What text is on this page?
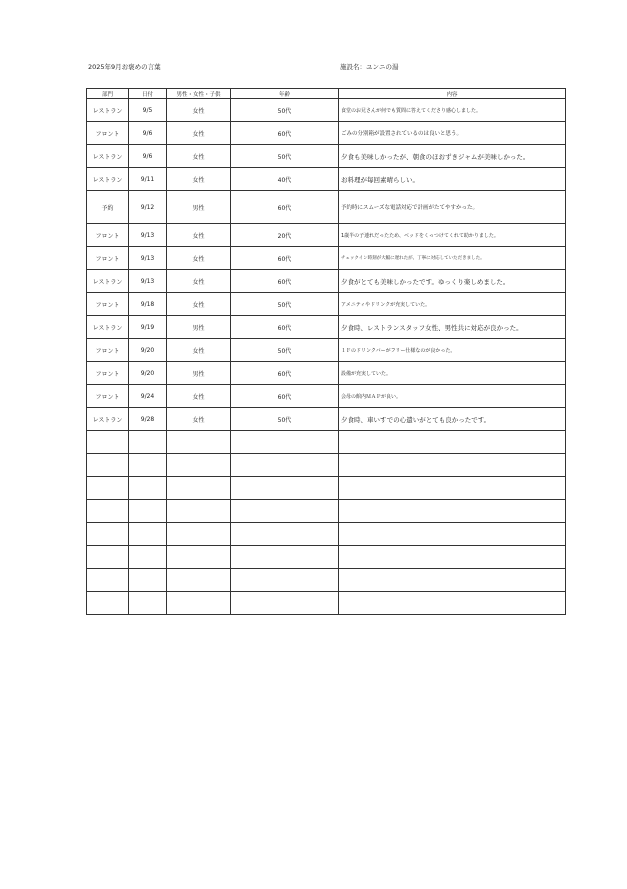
2025年9月お褒めの言葉	施設名：ユンニの湯
部門	日付	男性・女性・子供	年齢	内容
レストラン	9/5	女性	50代	食堂のお兄さんが何でも質問に答えてくださり感心しました。
フロント	9/6	女性	60代	ごみの分別箱が設置されているのは良いと思う。
レストラン	9/6	女性	50代	夕食も美味しかったが、朝食のほおずきジャムが美味しかった。
レストラン	9/11	女性	40代	お料理が毎回素晴らしい。
予約	9/12	男性	60代	予約時にスムーズな電話対応で計画がたてやすかった。
フロント	9/13	女性	20代	1歳半の子連れだったため、ベッドをくっつけてくれて助かりました。
フロント	9/13	女性	60代	チェックイン時刻が大幅に遅れたが、丁寧に対応していただきました。
レストラン	9/13	女性	60代	夕食がとても美味しかったです。ゆっくり楽しめました。
フロント	9/18	女性	50代	アメニティやドリンクが充実していた。
レストラン	9/19	男性	60代	夕食時、レストランスタッフ女性、男性共に対応が良かった。
フロント	9/20	女性	50代	１Ｆのドリンクバーがフリー仕様なのが良かった。
フロント	9/20	男性	60代	設備が充実していた。
フロント	9/24	女性	60代	会母の館内ＭＡＰが良い。
レストラン	9/28	女性	50代	夕食時、車いすでの心遣いがとても良かったです。
